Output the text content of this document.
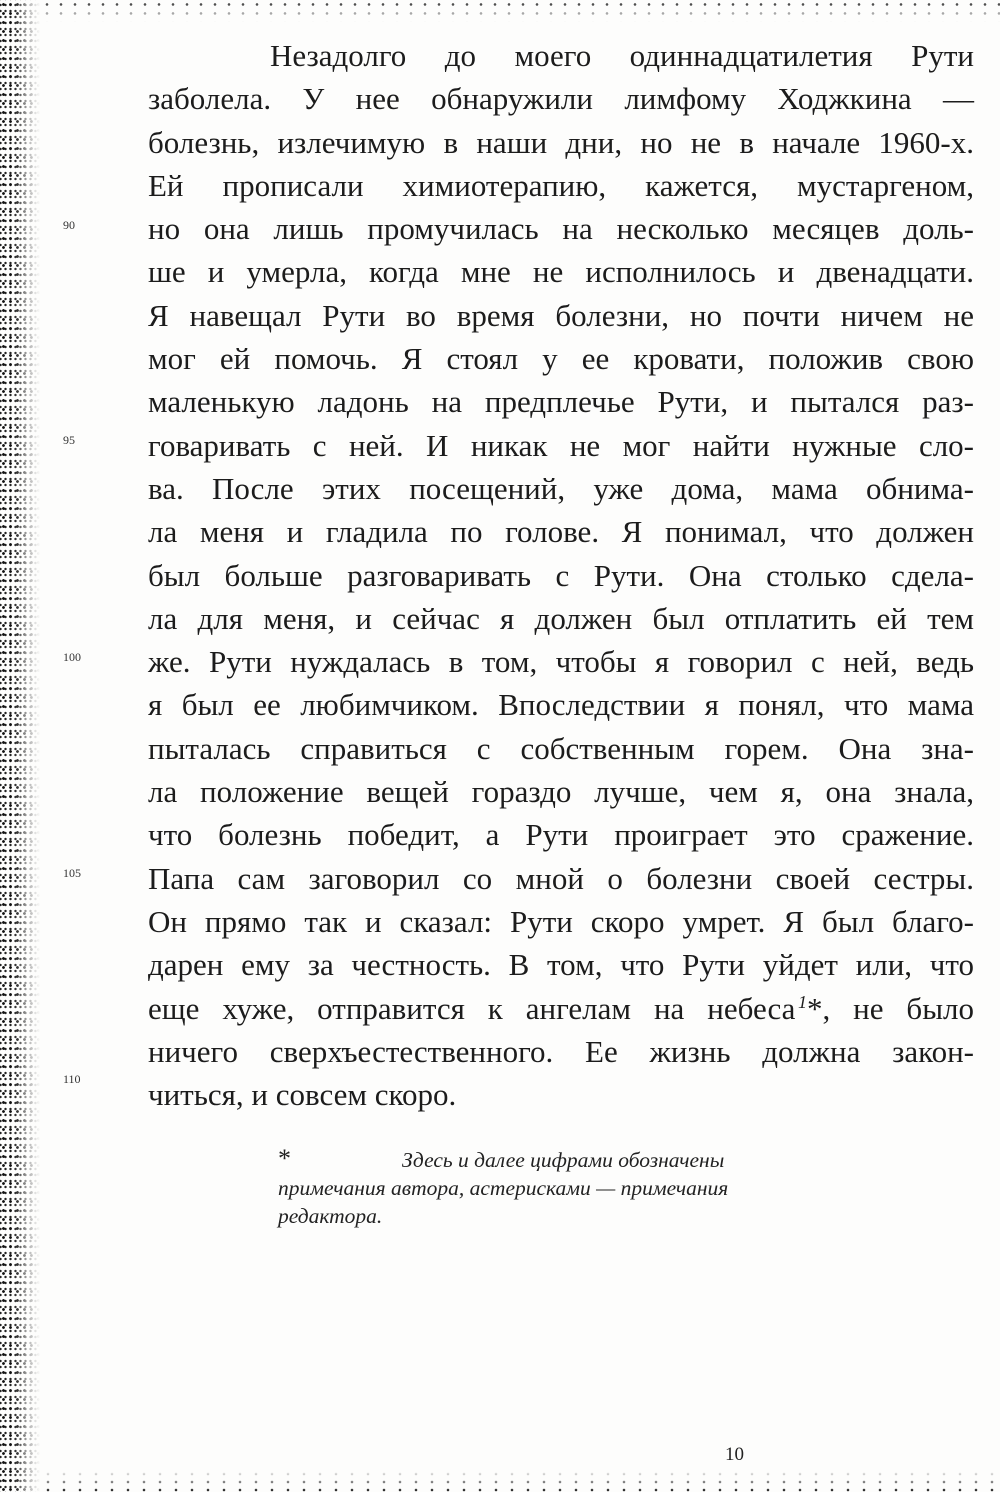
90
95
100
105
110
Незадолго до моего одиннадцатилетия Рути
заболела. У нее обнаружили лимфому Ходжкина —
болезнь, излечимую в наши дни, но не в начале 1960-х.
Ей прописали химиотерапию, кажется, мустаргеном,
но она лишь промучилась на несколько месяцев доль-
ше и умерла, когда мне не исполнилось и двенадцати.
Я навещал Рути во время болезни, но почти ничем не
мог ей помочь. Я стоял у ее кровати, положив свою
маленькую ладонь на предплечье Рути, и пытался раз-
говаривать с ней. И никак не мог найти нужные сло-
ва. После этих посещений, уже дома, мама обнима-
ла меня и гладила по голове. Я понимал, что должен
был больше разговаривать с Рути. Она столько сдела-
ла для меня, и сейчас я должен был отплатить ей тем
же. Рути нуждалась в том, чтобы я говорил с ней, ведь
я был ее любимчиком. Впоследствии я понял, что мама
пыталась справиться с собственным горем. Она зна-
ла положение вещей гораздо лучше, чем я, она знала,
что болезнь победит, а Рути проиграет это сражение.
Папа сам заговорил со мной о болезни своей сестры.
Он прямо так и сказал: Рути скоро умрет. Я был благо-
дарен ему за честность. В том, что Рути уйдет или, что
еще хуже, отправится к ангелам на небеса  $^1$*, не было
ничего сверхъестественного. Ее жизнь должна закон-
читься, и совсем скоро.
*	Здесь и далее цифрами обозначены
примечания автора, астерисками — примечания
редактора.
10
